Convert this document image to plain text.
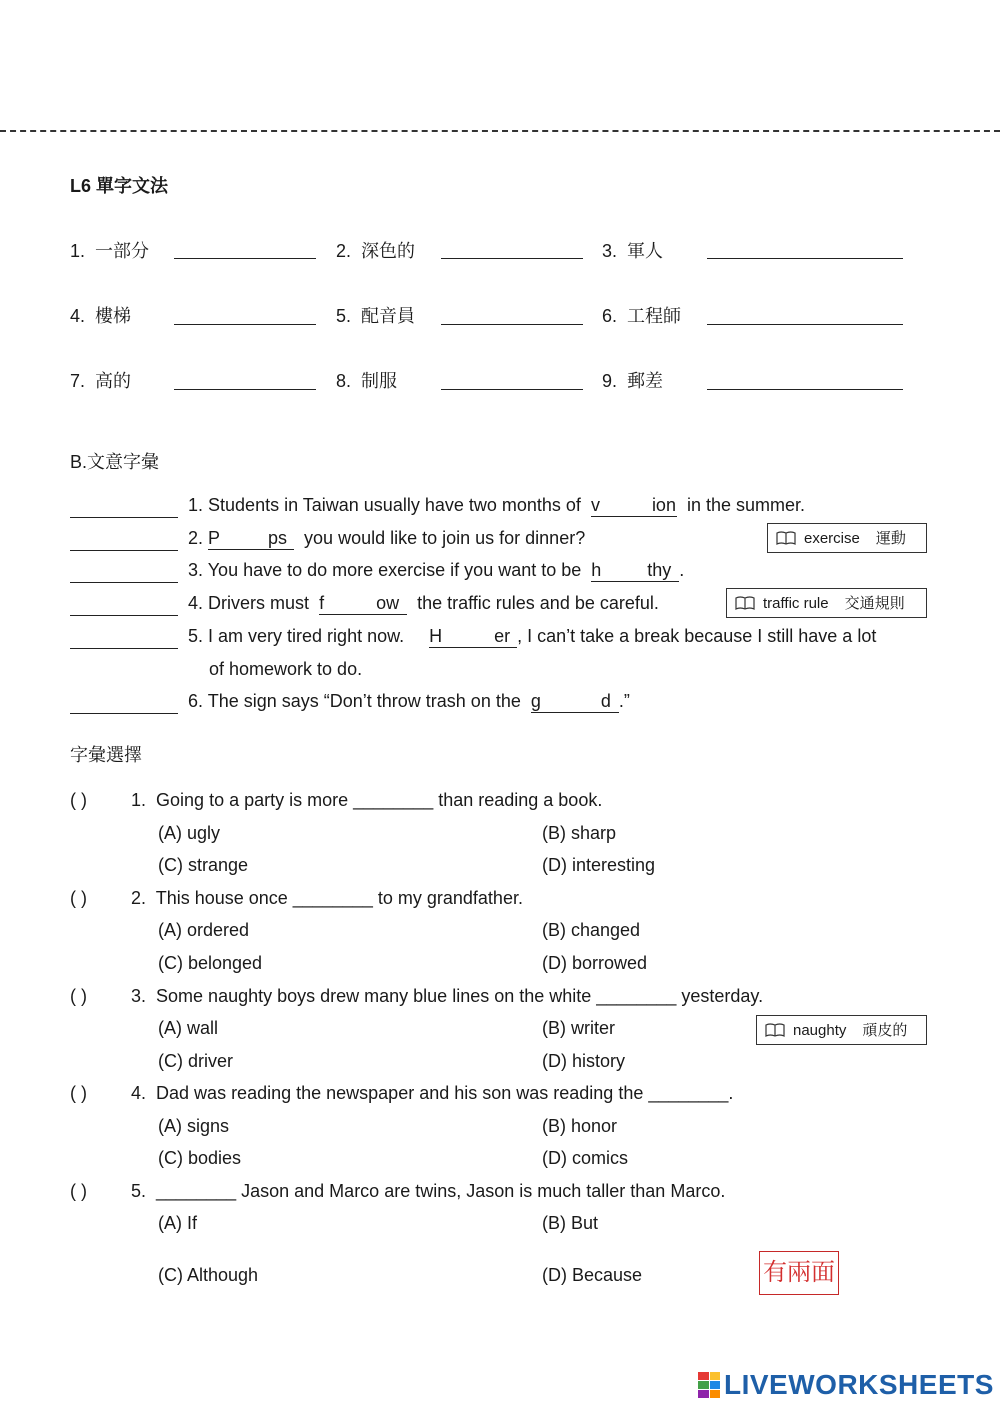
L6 單字文法
1. 一部分	2. 深色的	3. 軍人
4. 樓梯	5. 配音員	6. 工程師
7. 高的	8. 制服	9. 郵差
B.文意字彙
1. Students in Taiwan usually have two months of v	ion in the summer.
2. P	ps you would like to join us for dinner?	exercise 運動
3. You have to do more exercise if you want to be h	thy .
4. Drivers must f	ow the traffic rules and be careful.	traffic rule 交通規則
5. I am very tired right now. H	er , I can’t take a break because I still have a lot
of homework to do.
6. The sign says “Don’t throw trash on the g	d .”
字彙選擇
( ) 1. Going to a party is more ________ than reading a book.
(A) ugly	(B) sharp
(C) strange	(D) interesting
( ) 2. This house once ________ to my grandfather.
(A) ordered	(B) changed
(C) belonged	(D) borrowed
( ) 3. Some naughty boys drew many blue lines on the white ________ yesterday.
(A) wall	(B) writer
(C) driver	(D) history
naughty 頑皮的
( ) 4. Dad was reading the newspaper and his son was reading the ________.
(A) signs	(B) honor
(C) bodies	(D) comics
( ) 5. ________ Jason and Marco are twins, Jason is much taller than Marco.
(A) If	(B) But
(C) Although	(D) Because	有兩面
LIVEWORKSHEETS
